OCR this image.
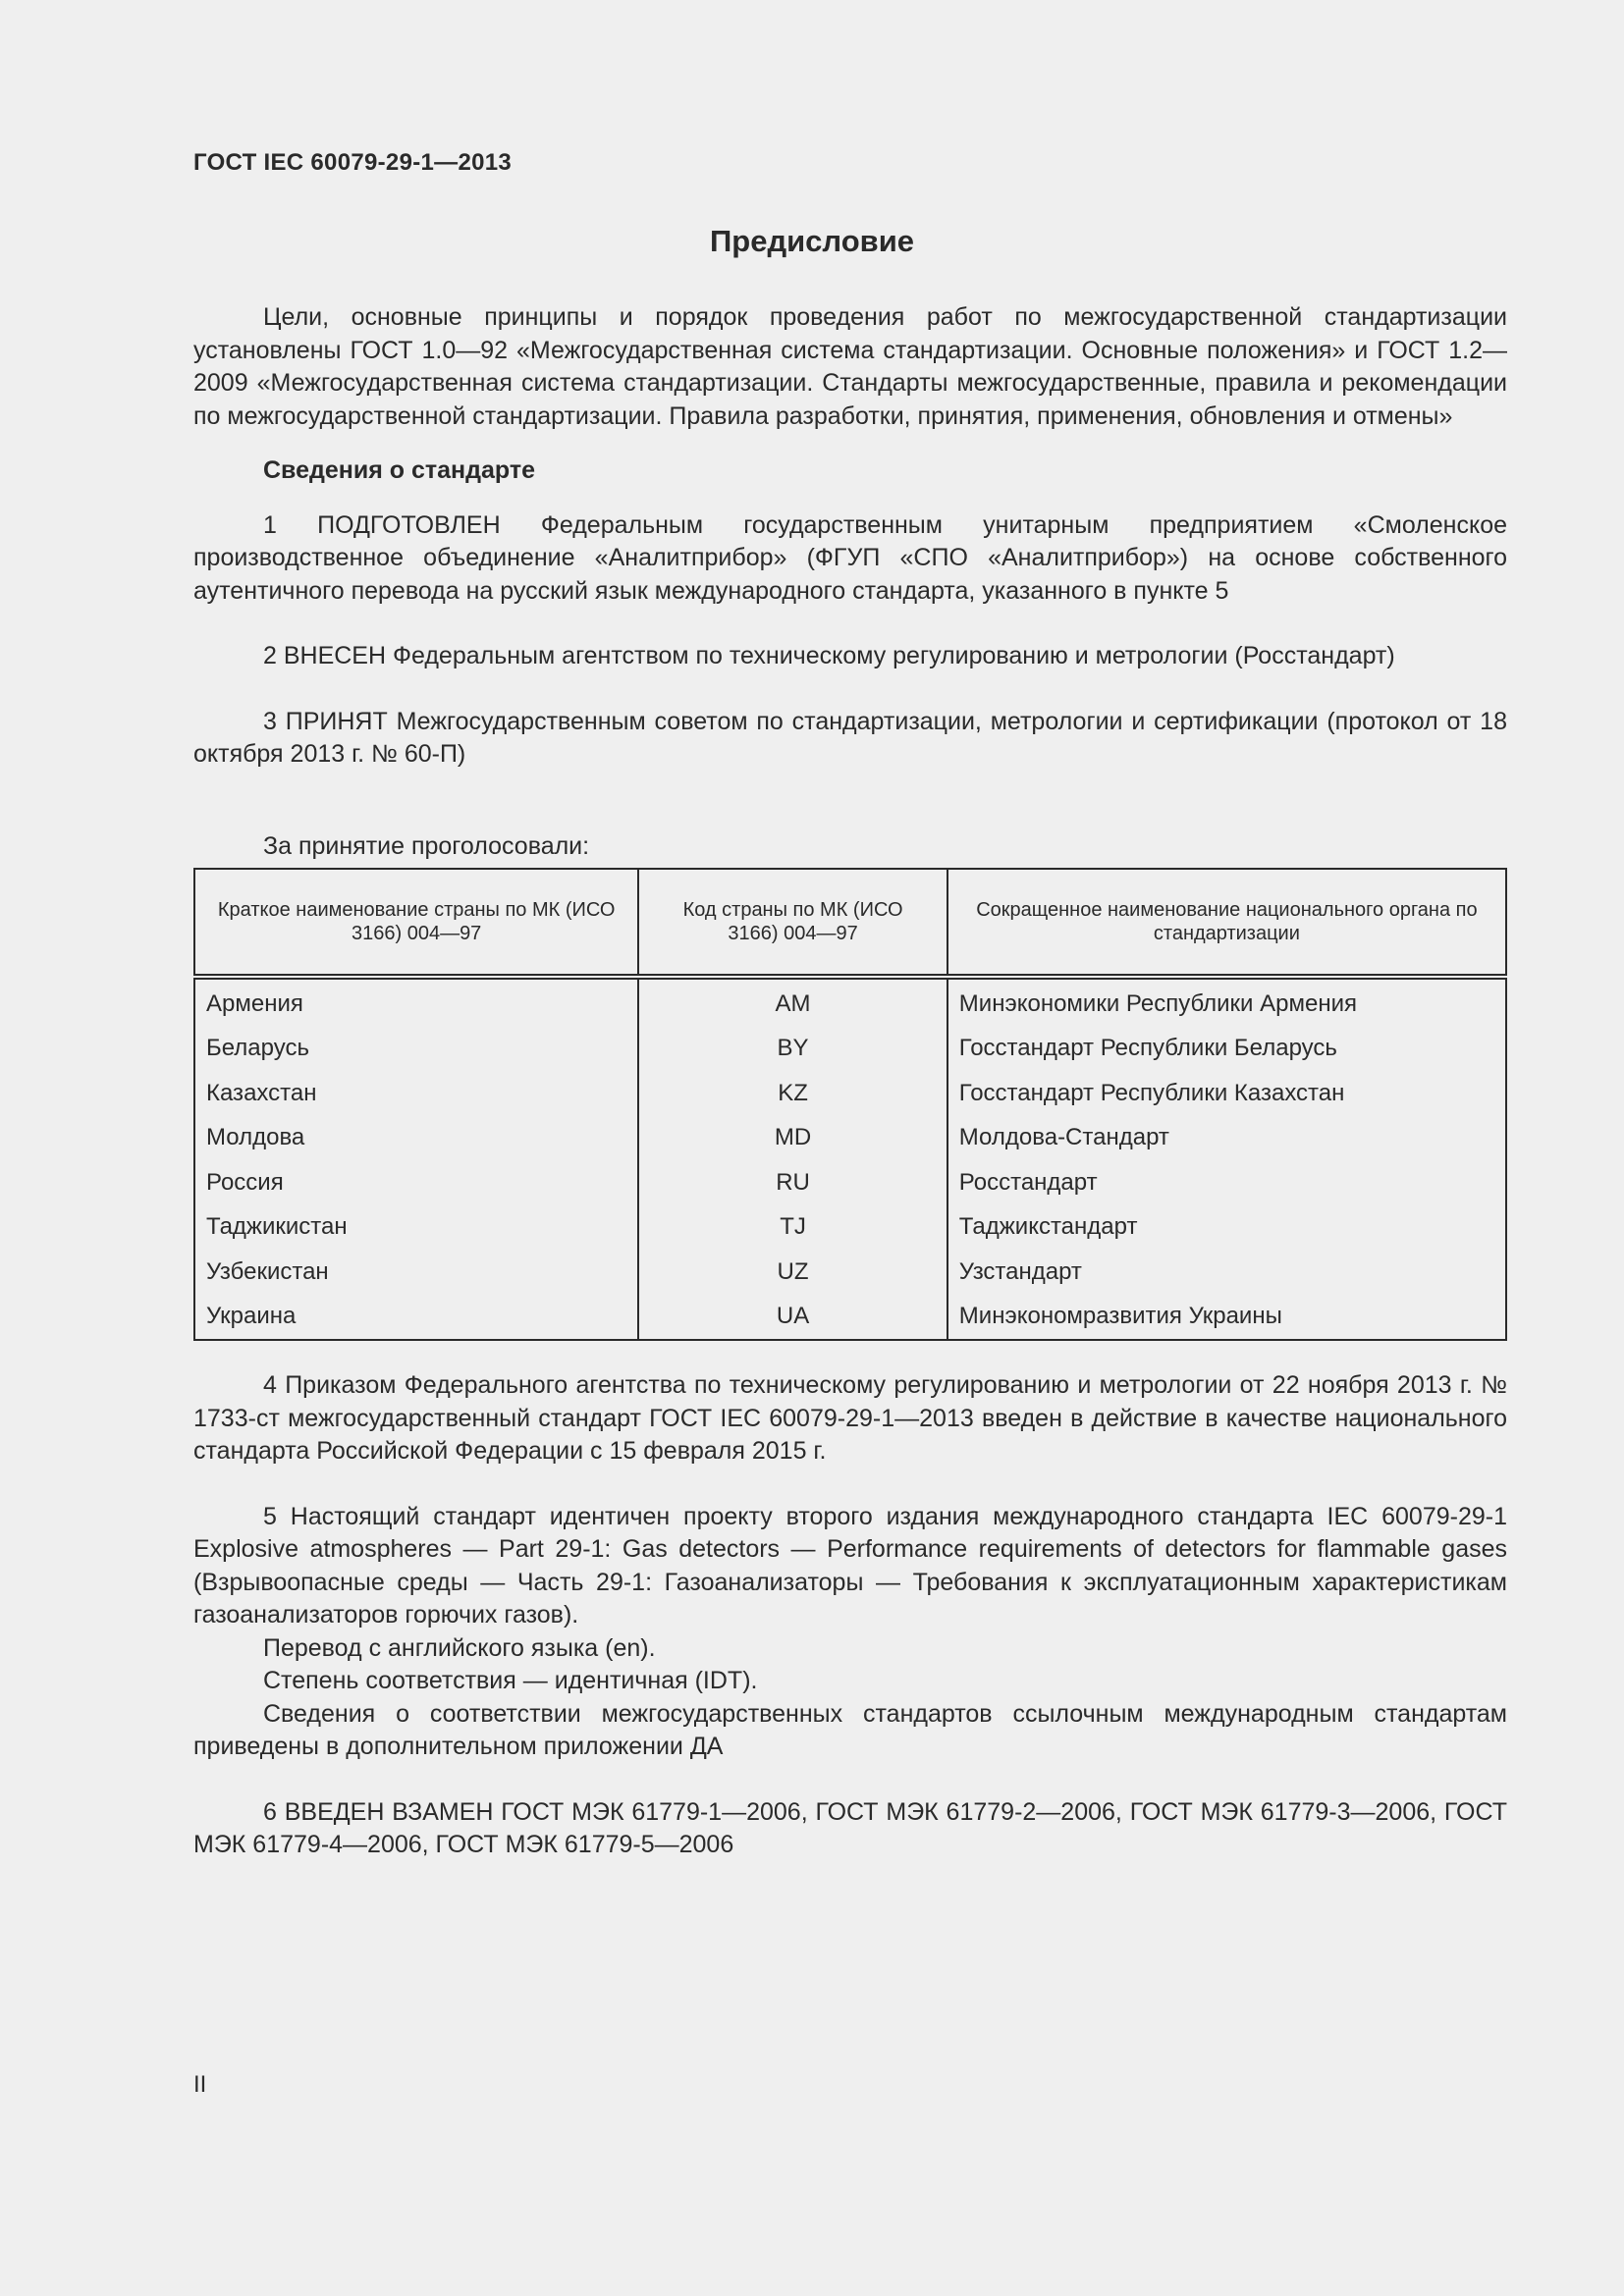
ГОСТ IEC 60079-29-1—2013
Предисловие

Цели, основные принципы и порядок проведения работ по межгосударственной стандартизации установлены ГОСТ 1.0—92 «Межгосударственная система стандартизации. Основные положения» и ГОСТ 1.2—2009 «Межгосударственная система стандартизации. Стандарты межгосударственные, правила и рекомендации по межгосударственной стандартизации. Правила разработки, принятия, применения, обновления и отмены»

Сведения о стандарте

1 ПОДГОТОВЛЕН Федеральным государственным унитарным предприятием «Смоленское производственное объединение «Аналитприбор» (ФГУП «СПО «Аналитприбор») на основе собственного аутентичного перевода на русский язык международного стандарта, указанного в пункте 5

2 ВНЕСЕН Федеральным агентством по техническому регулированию и метрологии (Росстандарт)

3 ПРИНЯТ Межгосударственным советом по стандартизации, метрологии и сертификации (протокол от 18 октября 2013 г. № 60-П)

За принятие проголосовали:

Краткое наименование страны по МК (ИСО 3166) 004—97	Код страны по МК (ИСО 3166) 004—97	Сокращенное наименование национального органа по стандартизации
Армения	AM	Минэкономики Республики Армения
Беларусь	BY	Госстандарт Республики Беларусь
Казахстан	KZ	Госстандарт Республики Казахстан
Молдова	MD	Молдова-Стандарт
Россия	RU	Росстандарт
Таджикистан	TJ	Таджикстандарт
Узбекистан	UZ	Узстандарт
Украина	UA	Минэкономразвития Украины

4 Приказом Федерального агентства по техническому регулированию и метрологии от 22 ноября 2013 г. № 1733-ст межгосударственный стандарт ГОСТ IEC 60079-29-1—2013 введен в действие в качестве национального стандарта Российской Федерации с 15 февраля 2015 г.

5 Настоящий стандарт идентичен проекту второго издания международного стандарта IEC 60079-29-1 Explosive atmospheres — Part 29-1: Gas detectors — Performance requirements of detectors for flammable gases (Взрывоопасные среды — Часть 29-1: Газоанализаторы — Требования к эксплуатационным характеристикам газоанализаторов горючих газов).

Перевод с английского языка (en).

Степень соответствия — идентичная (IDT).

Сведения о соответствии межгосударственных стандартов ссылочным международным стандартам приведены в дополнительном приложении ДА

6 ВВЕДЕН ВЗАМЕН ГОСТ МЭК 61779-1—2006, ГОСТ МЭК 61779-2—2006, ГОСТ МЭК 61779-3—2006, ГОСТ МЭК 61779-4—2006, ГОСТ МЭК 61779-5—2006

II
